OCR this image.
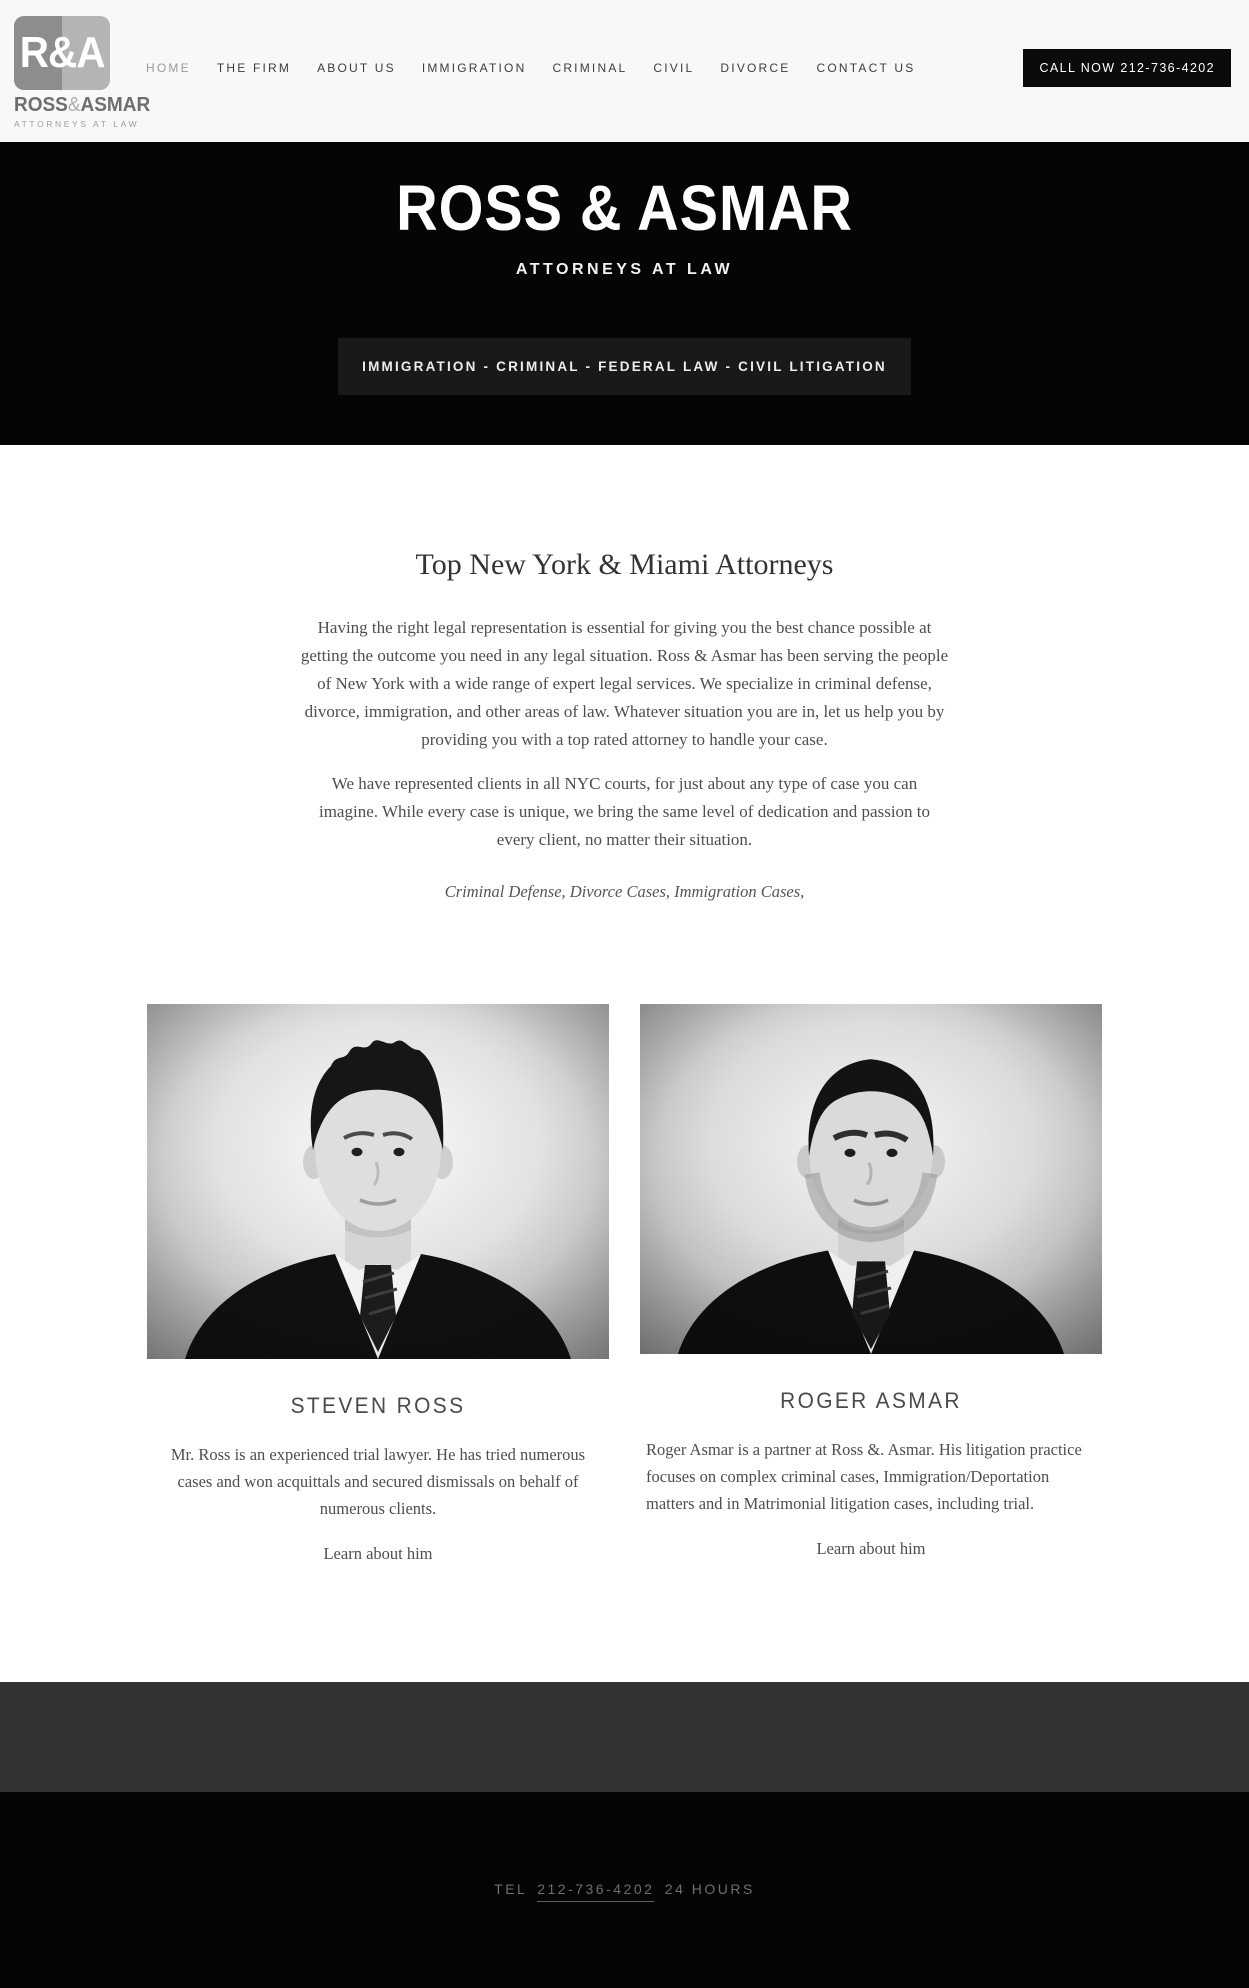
R&A
ROSS&ASMAR
ATTORNEYS AT LAW
HOME THE FIRM ABOUT US IMMIGRATION CRIMINAL CIVIL DIVORCE CONTACT US	CALL NOW 212-736-4202
ROSS & ASMAR
ATTORNEYS AT LAW
IMMIGRATION - CRIMINAL - FEDERAL LAW - CIVIL LITIGATION
Top New York & Miami Attorneys

Having the right legal representation is essential for giving you the best chance possible at getting the outcome you need in any legal situation. Ross & Asmar has been serving the people of New York with a wide range of expert legal services. We specialize in criminal defense, divorce, immigration, and other areas of law. Whatever situation you are in, let us help you by providing you with a top rated attorney to handle your case.

We have represented clients in all NYC courts, for just about any type of case you can imagine. While every case is unique, we bring the same level of dedication and passion to every client, no matter their situation.

Criminal Defense, Divorce Cases, Immigration Cases,

STEVEN ROSS

Mr. Ross is an experienced trial lawyer. He has tried numerous cases and won acquittals and secured dismissals on behalf of numerous clients.

Learn about him
ROGER ASMAR

Roger Asmar is a partner at Ross &. Asmar. His litigation practice focuses on complex criminal cases, Immigration/Deportation matters and in Matrimonial litigation cases, including trial.

Learn about him
TEL 212-736-4202 24 HOURS
